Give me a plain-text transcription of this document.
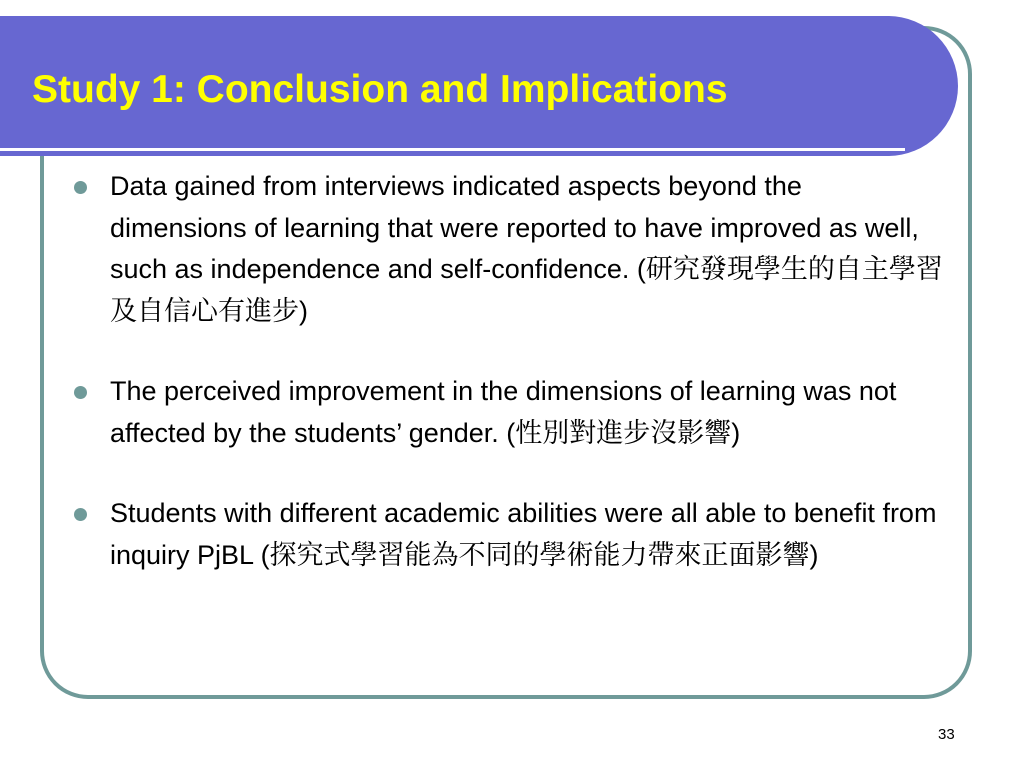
Study 1: Conclusion and Implications
Data gained from interviews indicated aspects beyond the dimensions of learning that were reported to have improved as well, such as independence and self-confidence. (研究發現學生的自主學習及自信心有進步)
The perceived improvement in the dimensions of learning was not affected by the students’ gender. (性別對進步沒影響)
Students with different academic abilities were all able to benefit from inquiry PjBL (探究式學習能為不同的學術能力帶來正面影響)
33
